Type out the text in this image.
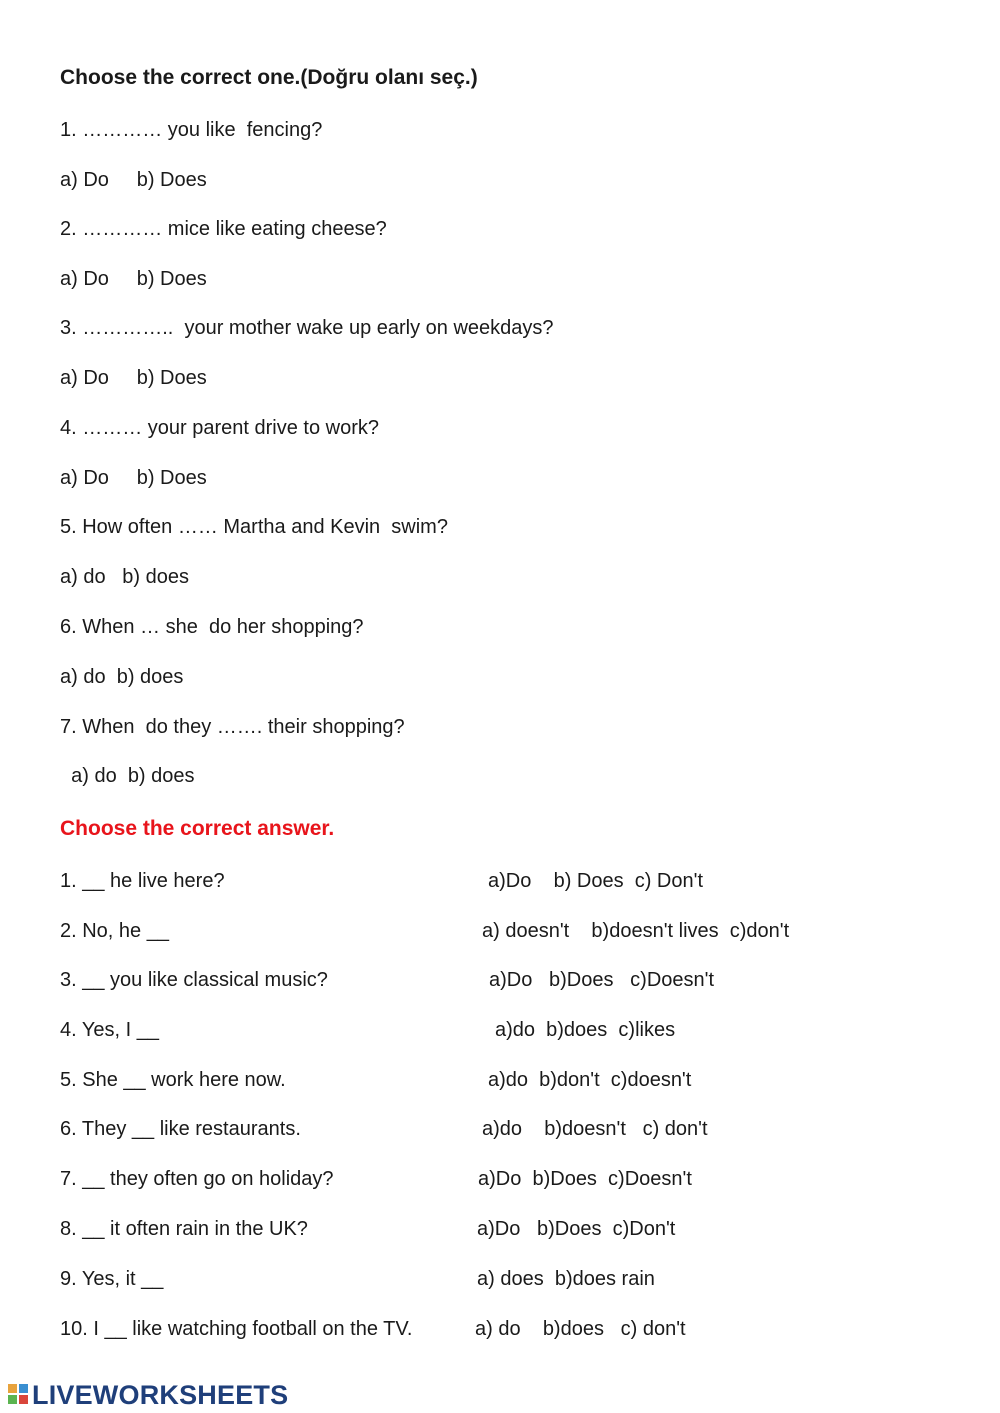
Choose the correct one.(Doğru olanı seç.)
1. ………… you like  fencing?
a) Do     b) Does
2. ………… mice like eating cheese?
a) Do     b) Does
3. …………..  your mother wake up early on weekdays?
a) Do     b) Does
4. ……… your parent drive to work?
a) Do     b) Does
5. How often …… Martha and Kevin  swim?
a) do   b) does
6. When … she  do her shopping?
a) do  b) does
7. When  do they ……. their shopping?
a) do  b) does
Choose the correct answer.
1. __ he live here?	a)Do    b) Does  c) Don't
2. No, he __	a) doesn't    b)doesn't lives  c)don't
3. __ you like classical music?	a)Do   b)Does   c)Doesn't
4. Yes, I __	a)do  b)does  c)likes
5. She __ work here now.	a)do  b)don't  c)doesn't
6. They __ like restaurants.	a)do    b)doesn't   c) don't
7. __ they often go on holiday?	a)Do  b)Does  c)Doesn't
8. __ it often rain in the UK?	a)Do   b)Does  c)Don't
9. Yes, it __	a) does  b)does rain
10. I __ like watching football on the TV.	a) do    b)does   c) don't
LIVEWORKSHEETS
